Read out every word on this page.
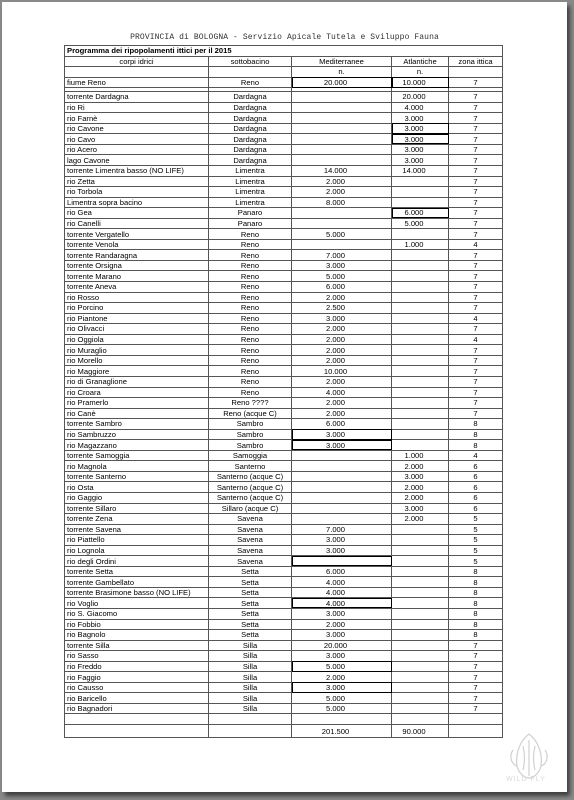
PROVINCIA di BOLOGNA - Servizio Apicale Tutela e Sviluppo Fauna
Programma dei ripopolamenti ittici per il 2015				
corpi idrici	sottobacino	Mediterranee	Atlantiche	zona ittica
		n.	n.	
fiume Reno	Reno	20.000	10.000	7

torrente Dardagna	Dardagna		20.000	7
rio Ri	Dardagna		4.000	7
rio Farnè	Dardagna		3.000	7
rio Cavone	Dardagna		3.000	7
rio Cavo	Dardagna		3.000	7
rio Acero	Dardagna		3.000	7
lago Cavone	Dardagna		3.000	7
torrente Limentra basso (NO LIFE)	Limentra	14.000	14.000	7
rio Zetta	Limentra	2.000		7
rio Torbola	Limentra	2.000		7
Limentra sopra bacino	Limentra	8.000		7
rio Gea	Panaro		6.000	7
rio Canelli	Panaro		5.000	7
torrente Vergatello	Reno	5.000		7
torrente Venola	Reno		1.000	4
torrente Randaragna	Reno	7.000		7
torrente Orsigna	Reno	3.000		7
torrente Marano	Reno	5.000		7
torrente Aneva	Reno	6.000		7
rio Rosso	Reno	2.000		7
rio Porcino	Reno	2.500		7
rio Piantone	Reno	3.000		4
rio Olivacci	Reno	2.000		7
rio Oggiola	Reno	2.000		4
rio Muraglio	Reno	2.000		7
rio Morello	Reno	2.000		7
rio Maggiore	Reno	10.000		7
rio di Granaglione	Reno	2.000		7
rio Croara	Reno	4.000		7
rio Pramerlo	Reno ????	2.000		7
rio Canè	Reno (acque C)	2.000		7
torrente Sambro	Sambro	6.000		8
rio Sambruzzo	Sambro	3.000		8
rio Magazzano	Sambro	3.000		8
torrente Samoggia	Samoggia		1.000	4
rio Magnola	Santerno		2.000	6
torrente Santerno	Santerno (acque C)		3.000	6
rio Osta	Santerno (acque C)		2.000	6
rio Gaggio	Santerno (acque C)		2.000	6
torrente Sillaro	Sillaro (acque C)		3.000	6
torrente Zena	Savena		2.000	5
torrente Savena	Savena	7.000		5
rio Piattello	Savena	3.000		5
rio Lognola	Savena	3.000		5
rio degli Ordini	Savena			5
torrente Setta	Setta	6.000		8
torrente Gambellato	Setta	4.000		8
torrente Brasimone basso (NO LIFE)	Setta	4.000		8
rio Voglio	Setta	4.000		8
rio S. Giacomo	Setta	3.000		8
rio Fobbio	Setta	2.000		8
rio Bagnolo	Setta	3.000		8
torrente Silla	Silla	20.000		7
rio Sasso	Silla	3.000		7
rio Freddo	Silla	5.000		7
rio Faggio	Silla	2.000		7
rio Causso	Silla	3.000		7
rio Baricello	Silla	5.000		7
rio Bagnadori	Silla	5.000		7

		201.500	90.000	
WILD FLY
